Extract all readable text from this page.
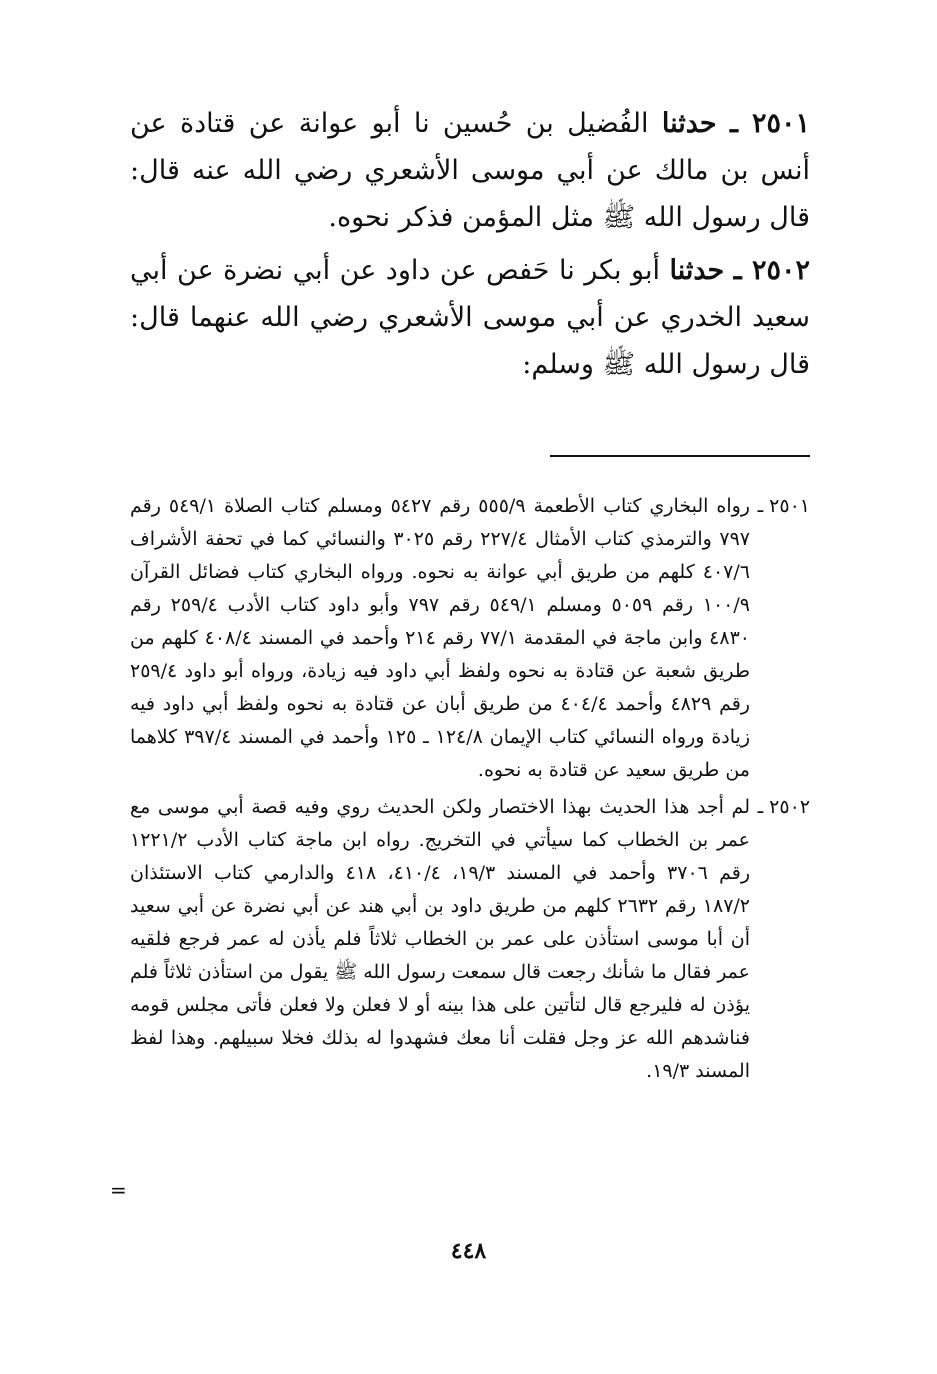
٢٥٠١ ـ حدثنا الفُضيل بن حُسين نا أبو عوانة عن قتادة عن أنس بن مالك عن أبي موسى الأشعري رضي الله عنه قال: قال رسول الله ﷺ مثل المؤمن فذكر نحوه.

٢٥٠٢ ـ حدثنا أبو بكر نا حَفص عن داود عن أبي نضرة عن أبي سعيد الخدري عن أبي موسى الأشعري رضي الله عنهما قال: قال رسول الله ﷺ وسلم:

٢٥٠١ ـ
رواه البخاري كتاب الأطعمة ٥٥٥/٩ رقم ٥٤٢٧ ومسلم كتاب الصلاة ٥٤٩/١ رقم ٧٩٧ والترمذي كتاب الأمثال ٢٢٧/٤ رقم ٣٠٢٥ والنسائي كما في تحفة الأشراف ٤٠٧/٦ كلهم من طريق أبي عوانة به نحوه. ورواه البخاري كتاب فضائل القرآن ١٠٠/٩ رقم ٥٠٥٩ ومسلم ٥٤٩/١ رقم ٧٩٧ وأبو داود كتاب الأدب ٢٥٩/٤ رقم ٤٨٣٠ وابن ماجة في المقدمة ٧٧/١ رقم ٢١٤ وأحمد في المسند ٤٠٨/٤ كلهم من طريق شعبة عن قتادة به نحوه ولفظ أبي داود فيه زيادة، ورواه أبو داود ٢٥٩/٤ رقم ٤٨٢٩ وأحمد ٤٠٤/٤ من طريق أبان عن قتادة به نحوه ولفظ أبي داود فيه زيادة ورواه النسائي كتاب الإيمان ١٢٤/٨ ـ ١٢٥ وأحمد في المسند ٣٩٧/٤ كلاهما من طريق سعيد عن قتادة به نحوه.

٢٥٠٢ ـ
لم أجد هذا الحديث بهذا الاختصار ولكن الحديث روي وفيه قصة أبي موسى مع عمر بن الخطاب كما سيأتي في التخريج. رواه ابن ماجة كتاب الأدب ١٢٢١/٢ رقم ٣٧٠٦ وأحمد في المسند ١٩/٣، ٤١٠/٤، ٤١٨ والدارمي كتاب الاستئذان ١٨٧/٢ رقم ٢٦٣٢ كلهم من طريق داود بن أبي هند عن أبي نضرة عن أبي سعيد أن أبا موسى استأذن على عمر بن الخطاب ثلاثاً فلم يأذن له عمر فرجع فلقيه عمر فقال ما شأنك رجعت قال سمعت رسول الله ﷺ يقول من استأذن ثلاثاً فلم يؤذن له فليرجع قال لتأتين على هذا بينه أو لا فعلن ولا فعلن فأتى مجلس قومه فناشدهم الله عز وجل فقلت أنا معك فشهدوا له بذلك فخلا سبيلهم. وهذا لفظ المسند ١٩/٣.

=
٤٤٨
